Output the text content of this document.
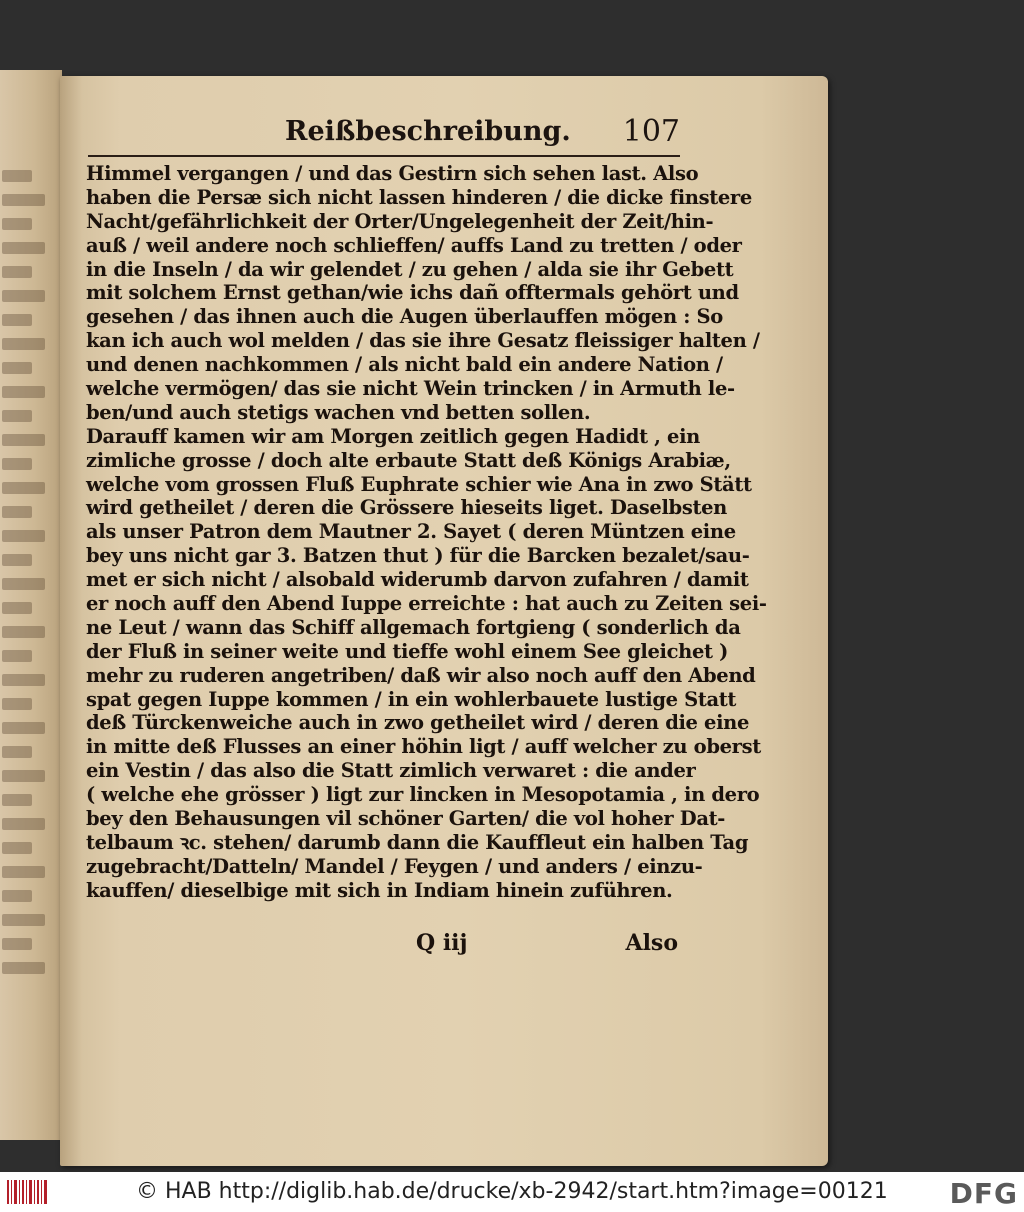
Reißbeschreibung. 107
Himmel vergangen / und das Gestirn sich sehen last. Also
haben die Persæ sich nicht lassen hinderen / die dicke finstere
Nacht/gefährlichkeit der Orter/Ungelegenheit der Zeit/hin-
auß / weil andere noch schlieffen/ auffs Land zu tretten / oder
in die Inseln / da wir gelendet / zu gehen / alda sie ihr Gebett
mit solchem Ernst gethan/wie ichs dañ offtermals gehört und
gesehen / das ihnen auch die Augen überlauffen mögen : So
kan ich auch wol melden / das sie ihre Gesatz fleissiger halten /
und denen nachkommen / als nicht bald ein andere Nation /
welche vermögen/ das sie nicht Wein trincken / in Armuth le-
ben/und auch stetigs wachen vnd betten sollen.
Darauff kamen wir am Morgen zeitlich gegen Hadidt , ein
zimliche grosse / doch alte erbaute Statt deß Königs Arabiæ,
welche vom grossen Fluß Euphrate schier wie Ana in zwo Stätt
wird getheilet / deren die Grössere hieseits liget. Daselbsten
als unser Patron dem Mautner 2. Sayet ( deren Müntzen eine
bey uns nicht gar 3. Batzen thut ) für die Barcken bezalet/sau-
met er sich nicht / alsobald widerumb darvon zufahren / damit
er noch auff den Abend Iuppe erreichte : hat auch zu Zeiten sei-
ne Leut / wann das Schiff allgemach fortgieng ( sonderlich da
der Fluß in seiner weite und tieffe wohl einem See gleichet )
mehr zu ruderen angetriben/ daß wir also noch auff den Abend
spat gegen Iuppe kommen / in ein wohlerbauete lustige Statt
deß Türckenweiche auch in zwo getheilet wird / deren die eine
in mitte deß Flusses an einer höhin ligt / auff welcher zu oberst
ein Vestin / das also die Statt zimlich verwaret : die ander
( welche ehe grösser ) ligt zur lincken in Mesopotamia , in dero
bey den Behausungen vil schöner Garten/ die vol hoher Dat-
telbaum ꝛc. stehen/ darumb dann die Kauffleut ein halben Tag
zugebracht/Datteln/ Mandel / Feygen / und anders / einzu-
kauffen/ dieselbige mit sich in Indiam hinein zuführen.
Q iij	Also
© HAB http://diglib.hab.de/drucke/xb-2942/start.htm?image=00121 DFG
